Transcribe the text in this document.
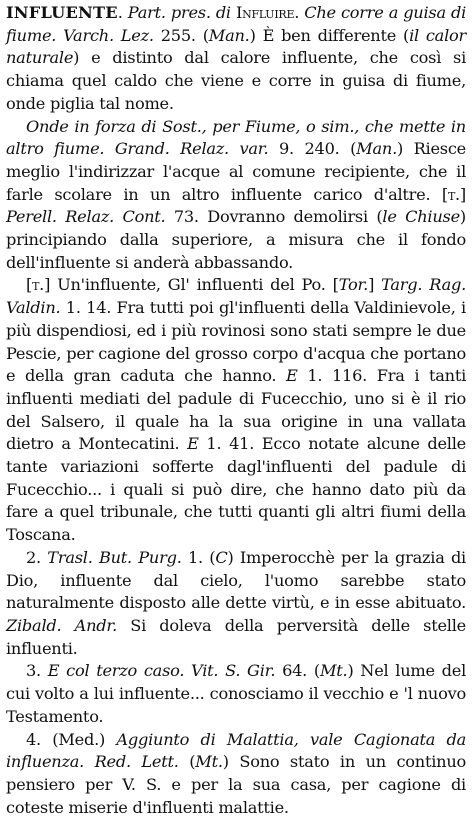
INFLUENTE. Part. pres. di Influire. Che corre a guisa di fiume. Varch. Lez. 255. (Man.) È ben differente (il calor naturale) e distinto dal calore influente, che così si chiama quel caldo che viene e corre in guisa di fiume, onde piglia tal nome.

Onde in forza di Sost., per Fiume, o sim., che mette in altro fiume. Grand. Relaz. var. 9. 240. (Man.) Riesce meglio l'indirizzar l'acque al comune recipiente, che il farle scolare in un altro influente carico d'altre. [t.] Perell. Relaz. Cont. 73. Dovranno demolirsi (le Chiuse) principiando dalla superiore, a misura che il fondo dell'influente si anderà abbassando.

[t.] Un'influente, Gl' influenti del Po. [Tor.] Targ. Rag. Valdin. 1. 14. Fra tutti poi gl'influenti della Valdinievole, i più dispendiosi, ed i più rovinosi sono stati sempre le due Pescie, per cagione del grosso corpo d'acqua che portano e della gran caduta che hanno. E 1. 116. Fra i tanti influenti mediati del padule di Fucecchio, uno si è il rio del Salsero, il quale ha la sua origine in una vallata dietro a Montecatini. E 1. 41. Ecco notate alcune delle tante variazioni sofferte dagl'influenti del padule di Fucecchio... i quali si può dire, che hanno dato più da fare a quel tribunale, che tutti quanti gli altri fiumi della Toscana.

2. Trasl. But. Purg. 1. (C) Imperocchè per la grazia di Dio, influente dal cielo, l'uomo sarebbe stato naturalmente disposto alle dette virtù, e in esse abituato. Zibald. Andr. Si doleva della perversità delle stelle influenti.

3. E col terzo caso. Vit. S. Gir. 64. (Mt.) Nel lume del cui volto a lui influente... conosciamo il vecchio e 'l nuovo Testamento.

4. (Med.) Aggiunto di Malattia, vale Cagionata da influenza. Red. Lett. (Mt.) Sono stato in un continuo pensiero per V. S. e per la sua casa, per cagione di coteste miserie d'influenti malattie.
